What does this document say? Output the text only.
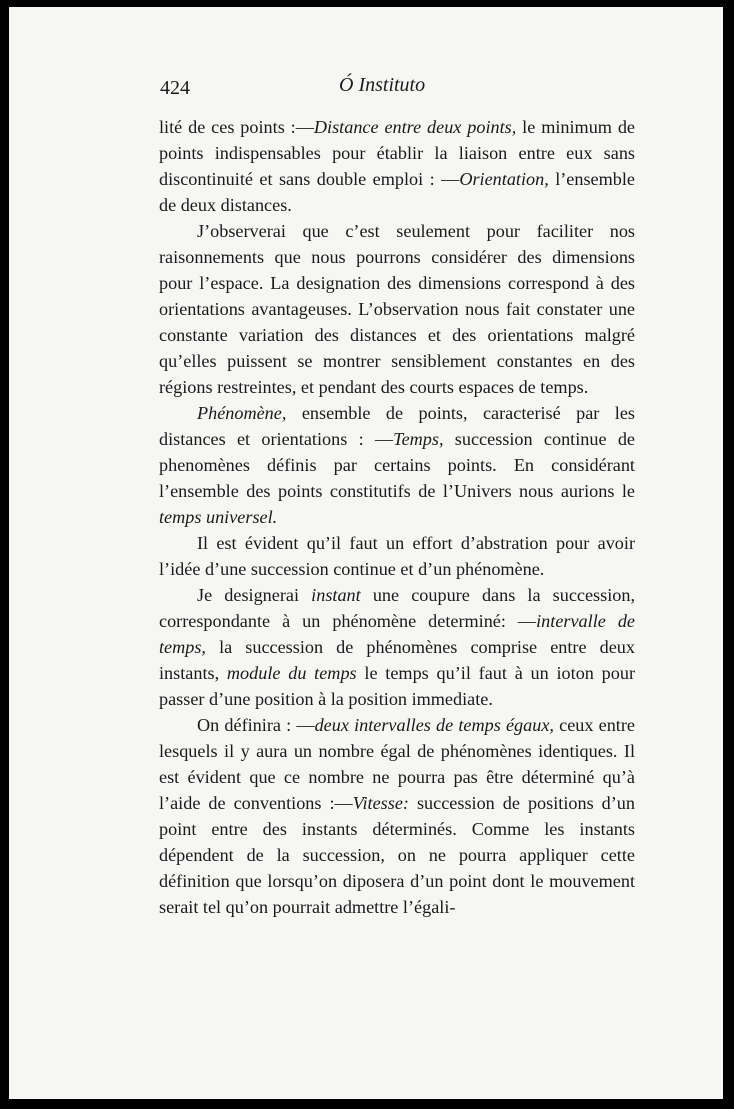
424	Ó Instituto

lité de ces points :—Distance entre deux points, le minimum de points indispensables pour établir la liaison entre eux sans discontinuité et sans double emploi : —Orientation, l’ensemble de deux distances.

J’observerai que c’est seulement pour faciliter nos raisonnements que nous pourrons considérer des dimensions pour l’espace. La designation des dimensions correspond à des orientations avantageuses. L’observation nous fait constater une constante variation des distances et des orientations malgré qu’elles puissent se montrer sensiblement constantes en des régions restreintes, et pendant des courts espaces de temps.

Phénomène, ensemble de points, caracterisé par les distances et orientations : —Temps, succession continue de phenomènes définis par certains points. En considérant l’ensemble des points constitutifs de l’Univers nous aurions le temps universel.

Il est évident qu’il faut un effort d’abstration pour avoir l’idée d’une succession continue et d’un phénomène.

Je designerai instant une coupure dans la succession, correspondante à un phénomène determiné: —intervalle de temps, la succession de phénomènes comprise entre deux instants, module du temps le temps qu’il faut à un ioton pour passer d’une position à la position immediate.

On définira : —deux intervalles de temps égaux, ceux entre lesquels il y aura un nombre égal de phénomènes identiques. Il est évident que ce nombre ne pourra pas être déterminé qu’à l’aide de conventions :—Vitesse: succession de positions d’un point entre des instants déterminés. Comme les instants dépendent de la succession, on ne pourra appliquer cette définition que lorsqu’on diposera d’un point dont le mouvement serait tel qu’on pourrait admettre l’égali-
